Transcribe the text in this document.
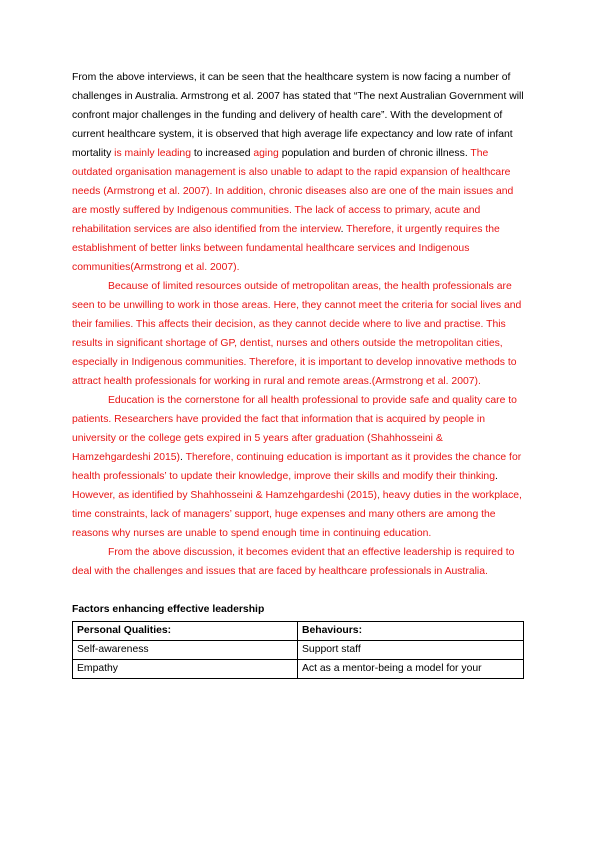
From the above interviews, it can be seen that the healthcare system is now facing a number of challenges in Australia. Armstrong et al. 2007 has stated that “The next Australian Government will confront major challenges in the funding and delivery of health care”. With the development of current healthcare system, it is observed that high average life expectancy and low rate of infant mortality is mainly leading to increased aging population and burden of chronic illness. The outdated organisation management is also unable to adapt to the rapid expansion of healthcare needs (Armstrong et al. 2007). In addition, chronic diseases also are one of the main issues and are mostly suffered by Indigenous communities. The lack of access to primary, acute and rehabilitation services are also identified from the interview. Therefore, it urgently requires the establishment of better links between fundamental healthcare services and Indigenous communities(Armstrong et al. 2007).

Because of limited resources outside of metropolitan areas, the health professionals are seen to be unwilling to work in those areas. Here, they cannot meet the criteria for social lives and their families. This affects their decision, as they cannot decide where to live and practise. This results in significant shortage of GP, dentist, nurses and others outside the metropolitan cities, especially in Indigenous communities. Therefore, it is important to develop innovative methods to attract health professionals for working in rural and remote areas.(Armstrong et al. 2007).

Education is the cornerstone for all health professional to provide safe and quality care to patients. Researchers have provided the fact that information that is acquired by people in university or the college gets expired in 5 years after graduation (Shahhosseini & Hamzehgardeshi 2015). Therefore, continuing education is important as it provides the chance for health professionals’ to update their knowledge, improve their skills and modify their thinking. However, as identified by Shahhosseini & Hamzehgardeshi (2015), heavy duties in the workplace, time constraints, lack of managers’ support, huge expenses and many others are among the reasons why nurses are unable to spend enough time in continuing education.

From the above discussion, it becomes evident that an effective leadership is required to deal with the challenges and issues that are faced by healthcare professionals in Australia.

Factors enhancing effective leadership

Personal Qualities:	Behaviours:
Self-awareness	Support staff
Empathy	Act as a mentor-being a model for your
